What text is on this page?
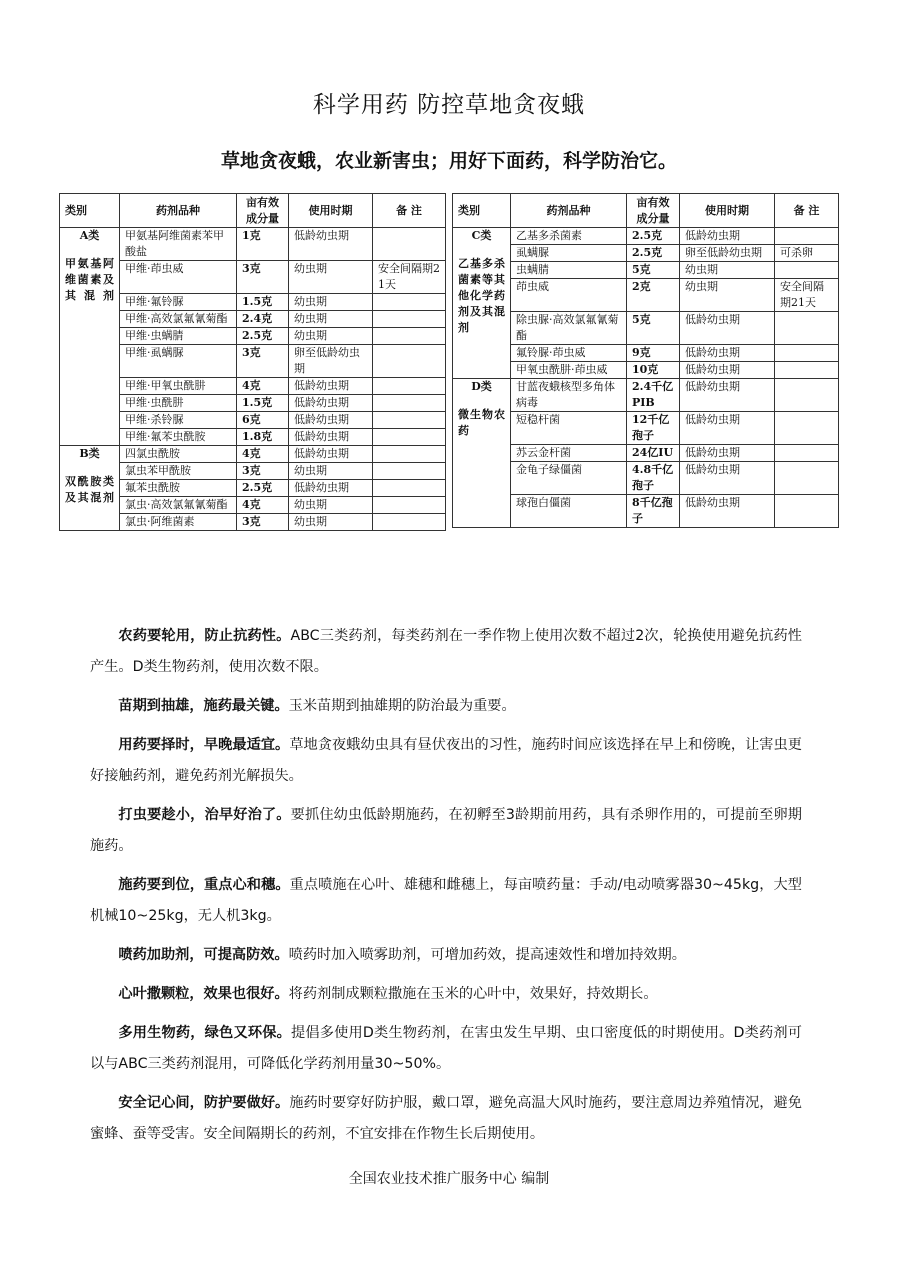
科学用药 防控草地贪夜蛾
草地贪夜蛾，农业新害虫；用好下面药，科学防治它。
类别	药剂品种	亩有效成分量	使用时期	备 注

A类
甲氨基阿维菌素及其混剂	甲氨基阿维菌素苯甲酸盐	1克	低龄幼虫期	
	甲维·茚虫威	3克	幼虫期	安全间隔期21天
	甲维·氟铃脲	1.5克	幼虫期	
	甲维·高效氯氟氰菊酯	2.4克	幼虫期	
	甲维·虫螨腈	2.5克	幼虫期	
	甲维·虱螨脲	3克	卵至低龄幼虫期	
	甲维·甲氧虫酰肼	4克	低龄幼虫期	
	甲维·虫酰肼	1.5克	低龄幼虫期	
	甲维·杀铃脲	6克	低龄幼虫期	
	甲维·氟苯虫酰胺	1.8克	低龄幼虫期	

B类
双酰胺类及其混剂	四氯虫酰胺	4克	低龄幼虫期	
	氯虫苯甲酰胺	3克	幼虫期	
	氟苯虫酰胺	2.5克	低龄幼虫期	
	氯虫·高效氯氟氰菊酯	4克	幼虫期	
	氯虫·阿维菌素	3克	幼虫期	
类别	药剂品种	亩有效成分量	使用时期	备 注

C类
乙基多杀菌素等其他化学药剂及其混剂	乙基多杀菌素	2.5克	低龄幼虫期	
	虱螨脲	2.5克	卵至低龄幼虫期	可杀卵
	虫螨腈	5克	幼虫期	
	茚虫威	2克	幼虫期	安全间隔期21天
	除虫脲·高效氯氟氰菊酯	5克	低龄幼虫期	
	氟铃脲·茚虫威	9克	低龄幼虫期	
	甲氧虫酰肼·茚虫威	10克	低龄幼虫期	

D类
微生物农药	甘蓝夜蛾核型多角体病毒	2.4千亿PIB	低龄幼虫期	
	短稳杆菌	12千亿孢子	低龄幼虫期	
	苏云金杆菌	24亿IU	低龄幼虫期	
	金龟子绿僵菌	4.8千亿孢子	低龄幼虫期	
	球孢白僵菌	8千亿孢子	低龄幼虫期	

农药要轮用，防止抗药性。ABC三类药剂，每类药剂在一季作物上使用次数不超过2次，轮换使用避免抗药性产生。D类生物药剂，使用次数不限。

苗期到抽雄，施药最关键。玉米苗期到抽雄期的防治最为重要。

用药要择时，早晚最适宜。草地贪夜蛾幼虫具有昼伏夜出的习性，施药时间应该选择在早上和傍晚，让害虫更好接触药剂，避免药剂光解损失。

打虫要趁小，治早好治了。要抓住幼虫低龄期施药，在初孵至3龄期前用药，具有杀卵作用的，可提前至卵期施药。

施药要到位，重点心和穗。重点喷施在心叶、雄穗和雌穗上，每亩喷药量：手动/电动喷雾器30~45kg，大型机械10~25kg，无人机3kg。

喷药加助剂，可提高防效。喷药时加入喷雾助剂，可增加药效，提高速效性和增加持效期。

心叶撒颗粒，效果也很好。将药剂制成颗粒撒施在玉米的心叶中，效果好，持效期长。

多用生物药，绿色又环保。提倡多使用D类生物药剂，在害虫发生早期、虫口密度低的时期使用。D类药剂可以与ABC三类药剂混用，可降低化学药剂用量30~50%。

安全记心间，防护要做好。施药时要穿好防护服，戴口罩，避免高温大风时施药，要注意周边养殖情况，避免蜜蜂、蚕等受害。安全间隔期长的药剂，不宜安排在作物生长后期使用。

全国农业技术推广服务中心 编制
